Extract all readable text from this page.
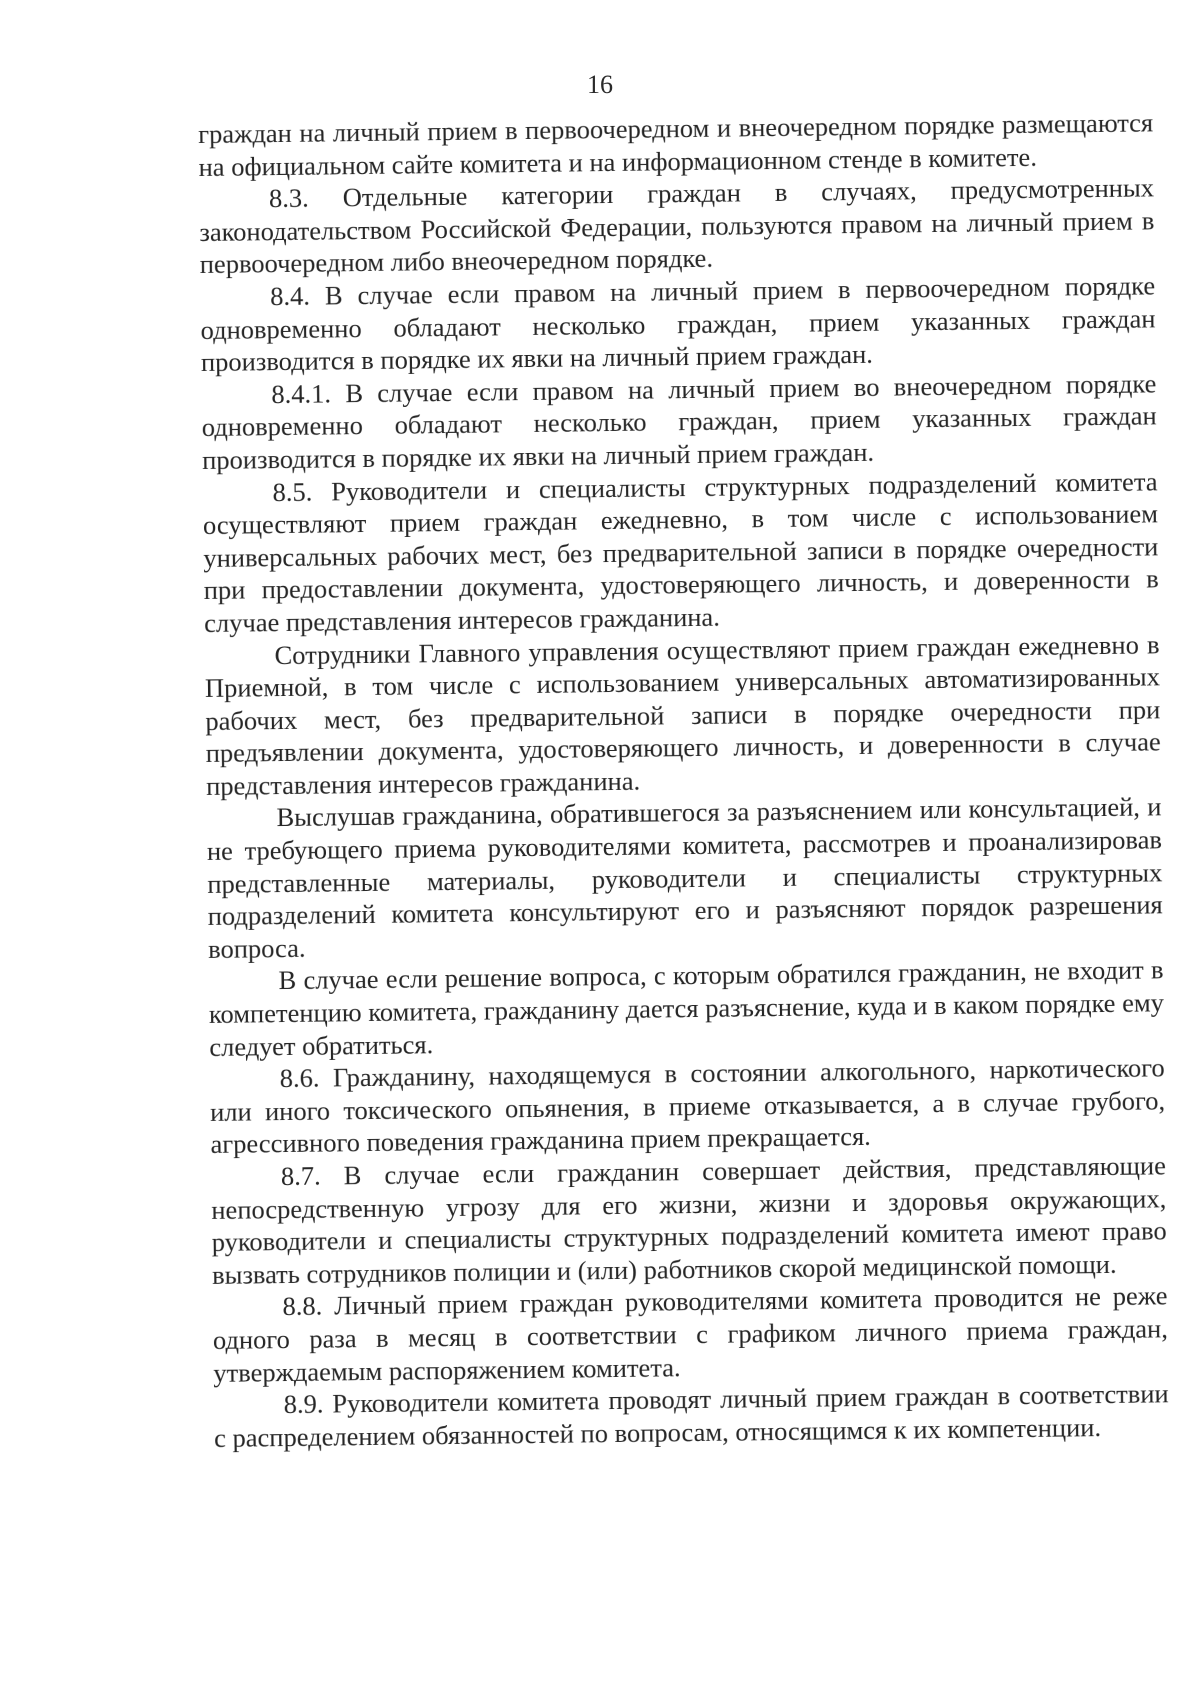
16

граждан на личный прием в первоочередном и внеочередном порядке размещаются на официальном сайте комитета и на информационном стенде в комитете.

8.3. Отдельные категории граждан в случаях, предусмотренных законодательством Российской Федерации, пользуются правом на личный прием в первоочередном либо внеочередном порядке.

8.4. В случае если правом на личный прием в первоочередном порядке одновременно обладают несколько граждан, прием указанных граждан производится в порядке их явки на личный прием граждан.

8.4.1. В случае если правом на личный прием во внеочередном порядке одновременно обладают несколько граждан, прием указанных граждан производится в порядке их явки на личный прием граждан.

8.5. Руководители и специалисты структурных подразделений комитета осуществляют прием граждан ежедневно, в том числе с использованием универсальных рабочих мест, без предварительной записи в порядке очередности при предоставлении документа, удостоверяющего личность, и доверенности в случае представления интересов гражданина.

Сотрудники Главного управления осуществляют прием граждан ежедневно в Приемной, в том числе с использованием универсальных автоматизированных рабочих мест, без предварительной записи в порядке очередности при предъявлении документа, удостоверяющего личность, и доверенности в случае представления интересов гражданина.

Выслушав гражданина, обратившегося за разъяснением или консультацией, и не требующего приема руководителями комитета, рассмотрев и проанализировав представленные материалы, руководители и специалисты структурных подразделений комитета консультируют его и разъясняют порядок разрешения вопроса.

В случае если решение вопроса, с которым обратился гражданин, не входит в компетенцию комитета, гражданину дается разъяснение, куда и в каком порядке ему следует обратиться.

8.6. Гражданину, находящемуся в состоянии алкогольного, наркотического или иного токсического опьянения, в приеме отказывается, а в случае грубого, агрессивного поведения гражданина прием прекращается.

8.7. В случае если гражданин совершает действия, представляющие непосредственную угрозу для его жизни, жизни и здоровья окружающих, руководители и специалисты структурных подразделений комитета имеют право вызвать сотрудников полиции и (или) работников скорой медицинской помощи.

8.8. Личный прием граждан руководителями комитета проводится не реже одного раза в месяц в соответствии с графиком личного приема граждан, утверждаемым распоряжением комитета.

8.9. Руководители комитета проводят личный прием граждан в соответствии с распределением обязанностей по вопросам, относящимся к их компетенции.
